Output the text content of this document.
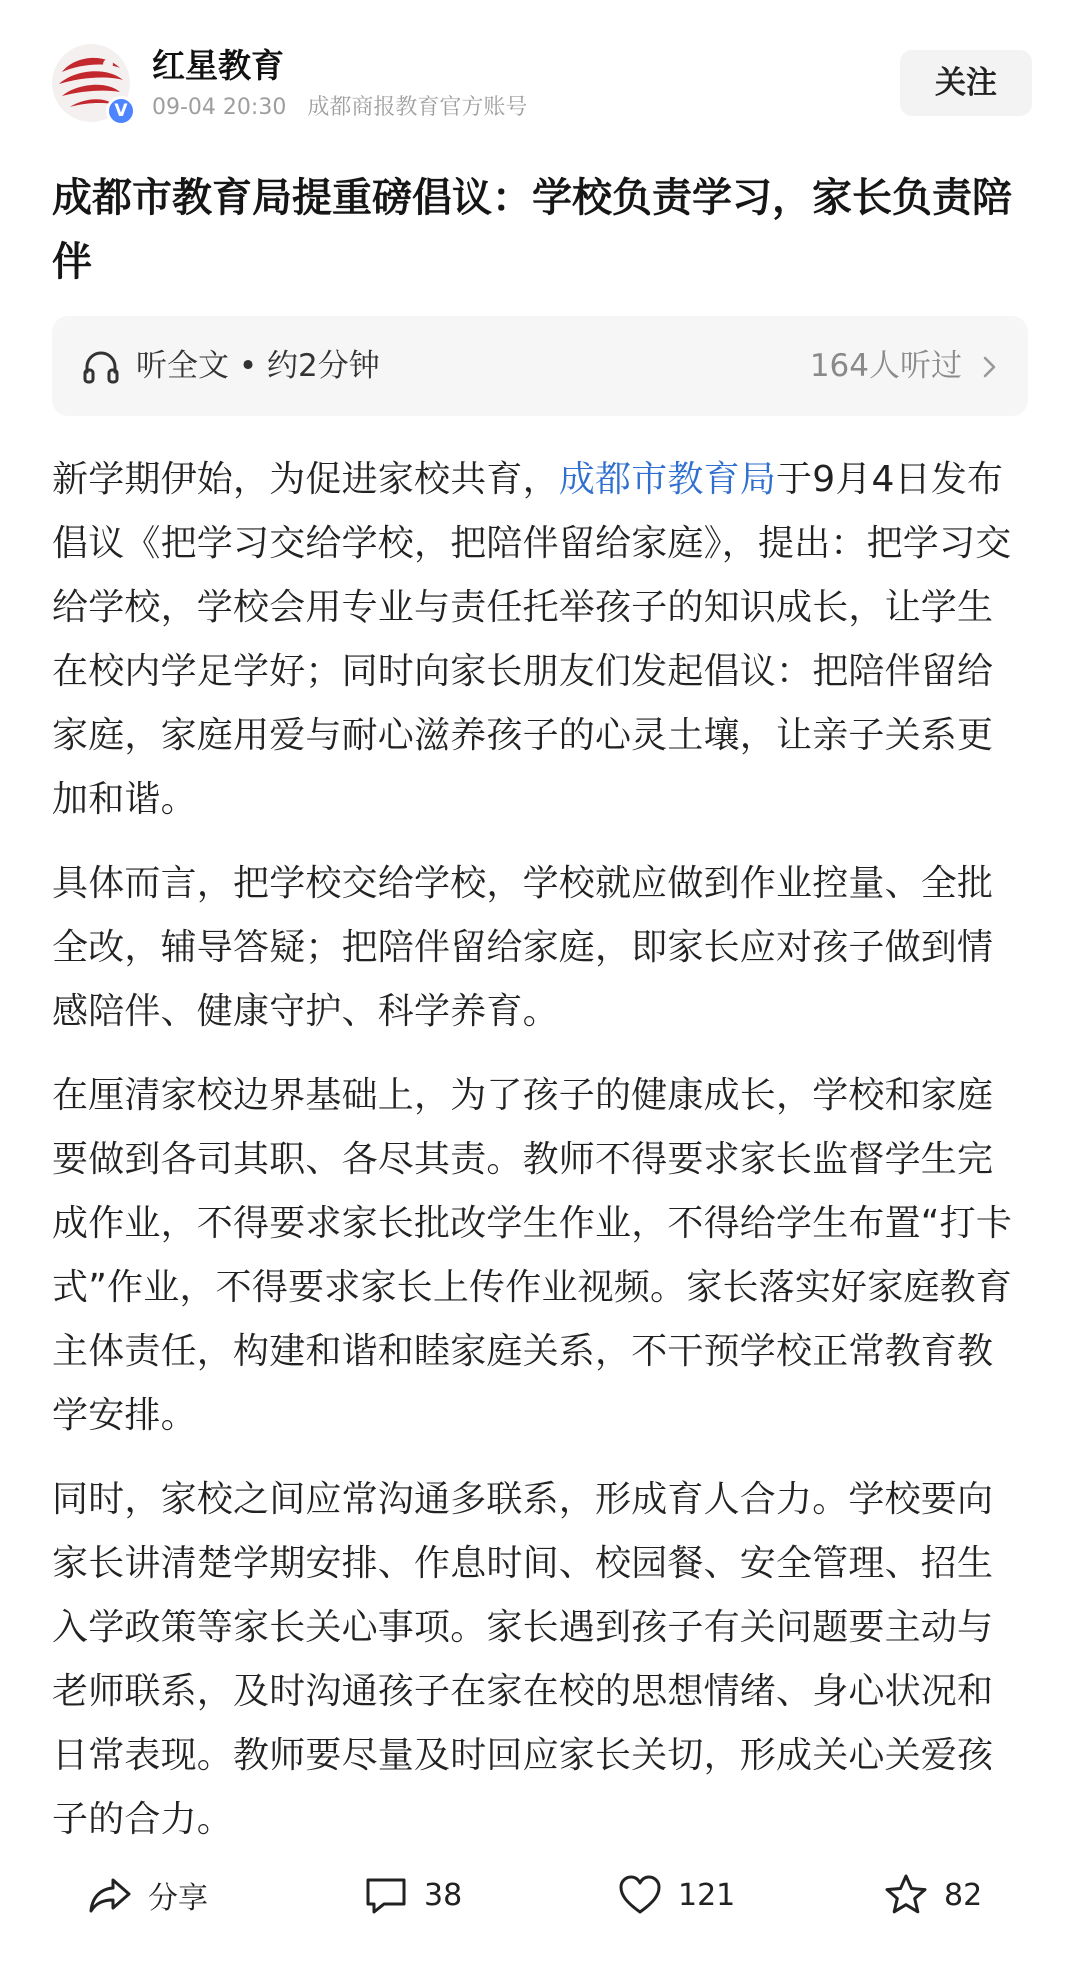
V
红星教育
09-04 20:30 成都商报教育官方账号
关注
成都市教育局提重磅倡议：学校负责学习，家长负责陪伴
听全文 • 约2分钟	164人听过

新学期伊始，为促进家校共育，成都市教育局于9月4日发布倡议《把学习交给学校，把陪伴留给家庭》，提出：把学习交给学校，学校会用专业与责任托举孩子的知识成长，让学生在校内学足学好；同时向家长朋友们发起倡议：把陪伴留给家庭，家庭用爱与耐心滋养孩子的心灵土壤，让亲子关系更加和谐。

具体而言，把学校交给学校，学校就应做到作业控量、全批全改，辅导答疑；把陪伴留给家庭，即家长应对孩子做到情感陪伴、健康守护、科学养育。

在厘清家校边界基础上，为了孩子的健康成长，学校和家庭要做到各司其职、各尽其责。教师不得要求家长监督学生完成作业，不得要求家长批改学生作业，不得给学生布置“打卡式”作业，不得要求家长上传作业视频。家长落实好家庭教育主体责任，构建和谐和睦家庭关系，不干预学校正常教育教学安排。

同时，家校之间应常沟通多联系，形成育人合力。学校要向家长讲清楚学期安排、作息时间、校园餐、安全管理、招生入学政策等家长关心事项。家长遇到孩子有关问题要主动与老师联系，及时沟通孩子在家在校的思想情绪、身心状况和日常表现。教师要尽量及时回应家长关切，形成关心关爱孩子的合力。

分享	38	121	82
